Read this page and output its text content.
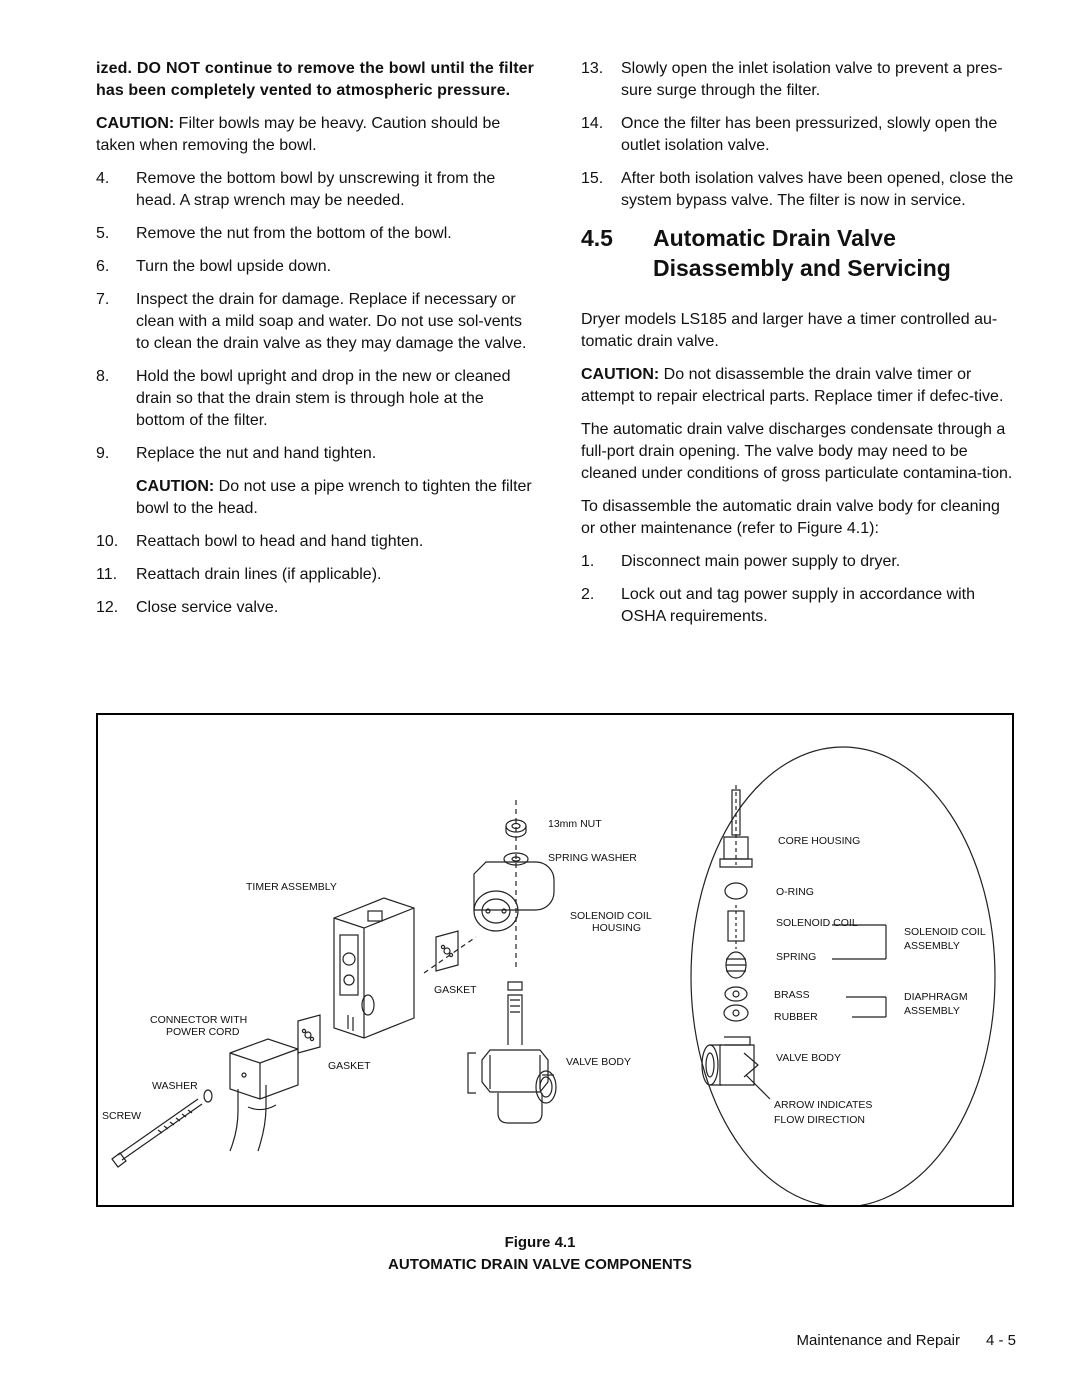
ized. DO NOT continue to remove the bowl until the filter has been completely vented to atmospheric pressure.

CAUTION: Filter bowls may be heavy. Caution should be taken when removing the bowl.

4.	Remove the bottom bowl by unscrewing it from the head. A strap wrench may be needed.
5.	Remove the nut from the bottom of the bowl.
6.	Turn the bowl upside down.
7.	Inspect the drain for damage. Replace if necessary or clean with a mild soap and water. Do not use sol-vents to clean the drain valve as they may damage the valve.
8.	Hold the bowl upright and drop in the new or cleaned drain so that the drain stem is through hole at the bottom of the filter.
9.	Replace the nut and hand tighten.

CAUTION: Do not use a pipe wrench to tighten the filter bowl to the head.

10.	Reattach bowl to head and hand tighten.
11.	Reattach drain lines (if applicable).
12.	Close service valve.
13.	Slowly open the inlet isolation valve to prevent a pres-sure surge through the filter.
14.	Once the filter has been pressurized, slowly open the outlet isolation valve.
15.	After both isolation valves have been opened, close the system bypass valve. The filter is now in service.
4.5	Automatic Drain Valve Disassembly and Servicing

Dryer models LS185 and larger have a timer controlled au-tomatic drain valve.

CAUTION: Do not disassemble the drain valve timer or attempt to repair electrical parts. Replace timer if defec-tive.

The automatic drain valve discharges condensate through a full-port drain opening. The valve body may need to be cleaned under conditions of gross particulate contamina-tion.

To disassemble the automatic drain valve body for cleaning or other maintenance (refer to Figure 4.1):

1.	Disconnect main power supply to dryer.
2.	Lock out and tag power supply in accordance with OSHA requirements.
13mm NUT
SPRING WASHER
TIMER ASSEMBLY
SOLENOID COIL
HOUSING
GASKET
CONNECTOR WITH
POWER CORD
GASKET	VALVE BODY
WASHER
SCREW
CORE HOUSING
O-RING
SOLENOID COIL
SPRING
SOLENOID COIL
ASSEMBLY
BRASS
RUBBER
DIAPHRAGM
ASSEMBLY
VALVE BODY
ARROW INDICATES
FLOW DIRECTION
Figure 4.1
AUTOMATIC DRAIN VALVE COMPONENTS
Maintenance and Repair 4 - 5
